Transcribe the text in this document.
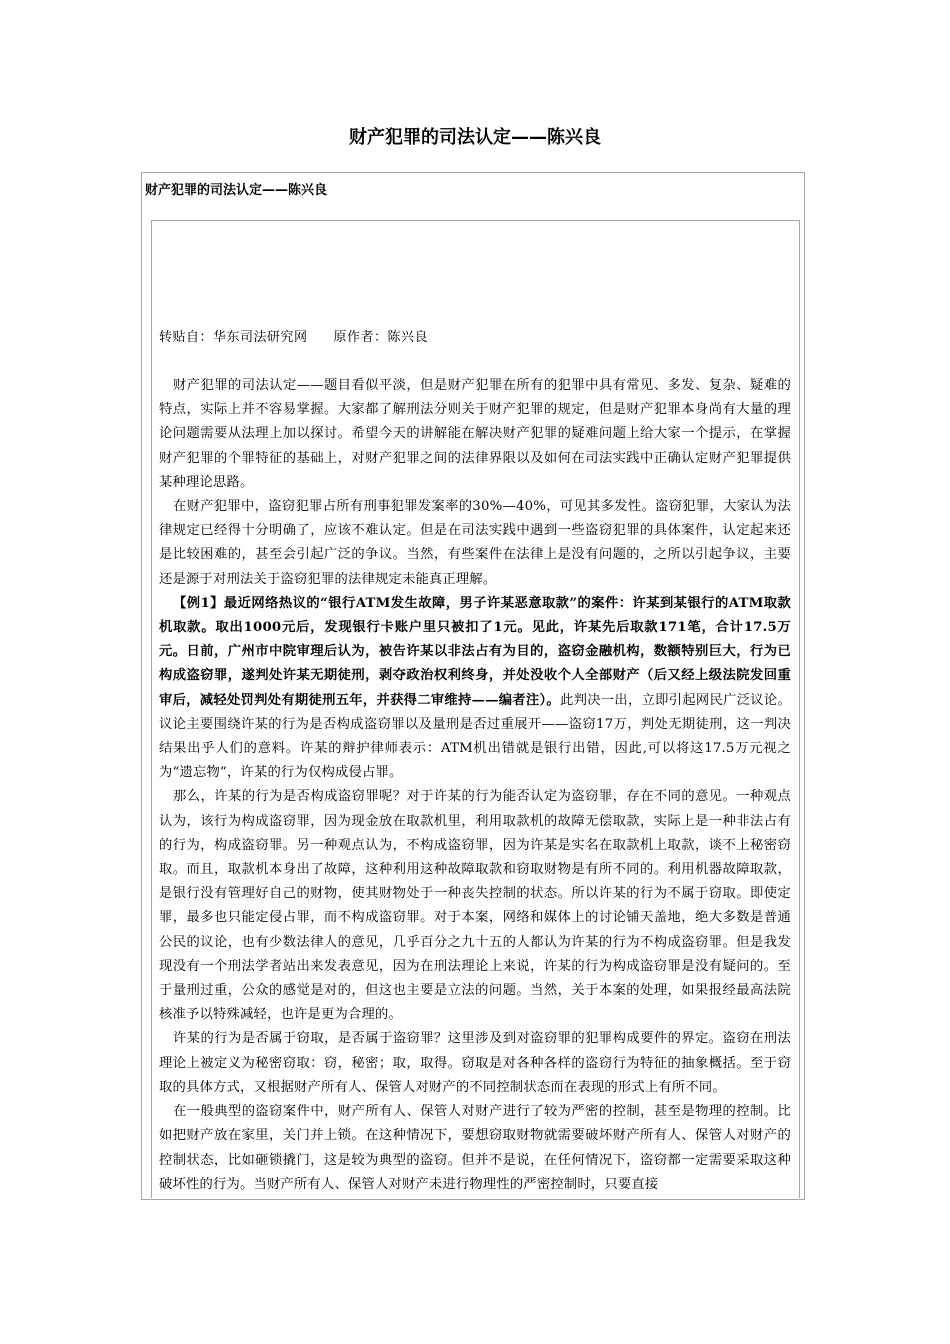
财产犯罪的司法认定——陈兴良
财产犯罪的司法认定——陈兴良
转贴自：华东司法研究网 原作者：陈兴良

财产犯罪的司法认定——题目看似平淡，但是财产犯罪在所有的犯罪中具有常见、多发、复杂、疑难的特点，实际上并不容易掌握。大家都了解刑法分则关于财产犯罪的规定，但是财产犯罪本身尚有大量的理论问题需要从法理上加以探讨。希望今天的讲解能在解决财产犯罪的疑难问题上给大家一个提示，在掌握财产犯罪的个罪特征的基础上，对财产犯罪之间的法律界限以及如何在司法实践中正确认定财产犯罪提供某种理论思路。

在财产犯罪中，盗窃犯罪占所有刑事犯罪发案率的30%—40%，可见其多发性。盗窃犯罪，大家认为法律规定已经得十分明确了，应该不难认定。但是在司法实践中遇到一些盗窃犯罪的具体案件，认定起来还是比较困难的，甚至会引起广泛的争议。当然，有些案件在法律上是没有问题的，之所以引起争议，主要还是源于对刑法关于盗窃犯罪的法律规定未能真正理解。

【例1】最近网络热议的“银行ATM发生故障，男子许某恶意取款”的案件：许某到某银行的ATM取款机取款。取出1000元后，发现银行卡账户里只被扣了1元。见此，许某先后取款171笔，合计17.5万元。日前，广州市中院审理后认为，被告许某以非法占有为目的，盗窃金融机构，数额特别巨大，行为已构成盗窃罪，遂判处许某无期徒刑，剥夺政治权利终身，并处没收个人全部财产（后又经上级法院发回重审后，减轻处罚判处有期徒刑五年，并获得二审维持——编者注）。此判决一出，立即引起网民广泛议论。议论主要围绕许某的行为是否构成盗窃罪以及量刑是否过重展开——盗窃17万，判处无期徒刑，这一判决结果出乎人们的意料。许某的辩护律师表示：ATM机出错就是银行出错，因此,可以将这17.5万元视之为“遗忘物”，许某的行为仅构成侵占罪。

那么，许某的行为是否构成盗窃罪呢？对于许某的行为能否认定为盗窃罪，存在不同的意见。一种观点认为，该行为构成盗窃罪，因为现金放在取款机里，利用取款机的故障无偿取款，实际上是一种非法占有的行为，构成盗窃罪。另一种观点认为，不构成盗窃罪，因为许某是实名在取款机上取款，谈不上秘密窃取。而且，取款机本身出了故障，这种利用这种故障取款和窃取财物是有所不同的。利用机器故障取款，是银行没有管理好自己的财物，使其财物处于一种丧失控制的状态。所以许某的行为不属于窃取。即使定罪，最多也只能定侵占罪，而不构成盗窃罪。对于本案，网络和媒体上的讨论铺天盖地，绝大多数是普通公民的议论，也有少数法律人的意见，几乎百分之九十五的人都认为许某的行为不构成盗窃罪。但是我发现没有一个刑法学者站出来发表意见，因为在刑法理论上来说，许某的行为构成盗窃罪是没有疑问的。至于量刑过重，公众的感觉是对的，但这也主要是立法的问题。当然，关于本案的处理，如果报经最高法院核准予以特殊减轻，也许是更为合理的。

许某的行为是否属于窃取，是否属于盗窃罪？这里涉及到对盗窃罪的犯罪构成要件的界定。盗窃在刑法理论上被定义为秘密窃取：窃，秘密；取，取得。窃取是对各种各样的盗窃行为特征的抽象概括。至于窃取的具体方式，又根据财产所有人、保管人对财产的不同控制状态而在表现的形式上有所不同。

在一般典型的盗窃案件中，财产所有人、保管人对财产进行了较为严密的控制，甚至是物理的控制。比如把财产放在家里，关门并上锁。在这种情况下，要想窃取财物就需要破坏财产所有人、保管人对财产的控制状态，比如砸锁撬门，这是较为典型的盗窃。但并不是说，在任何情况下，盗窃都一定需要采取这种破坏性的行为。当财产所有人、保管人对财产未进行物理性的严密控制时，只要直接
